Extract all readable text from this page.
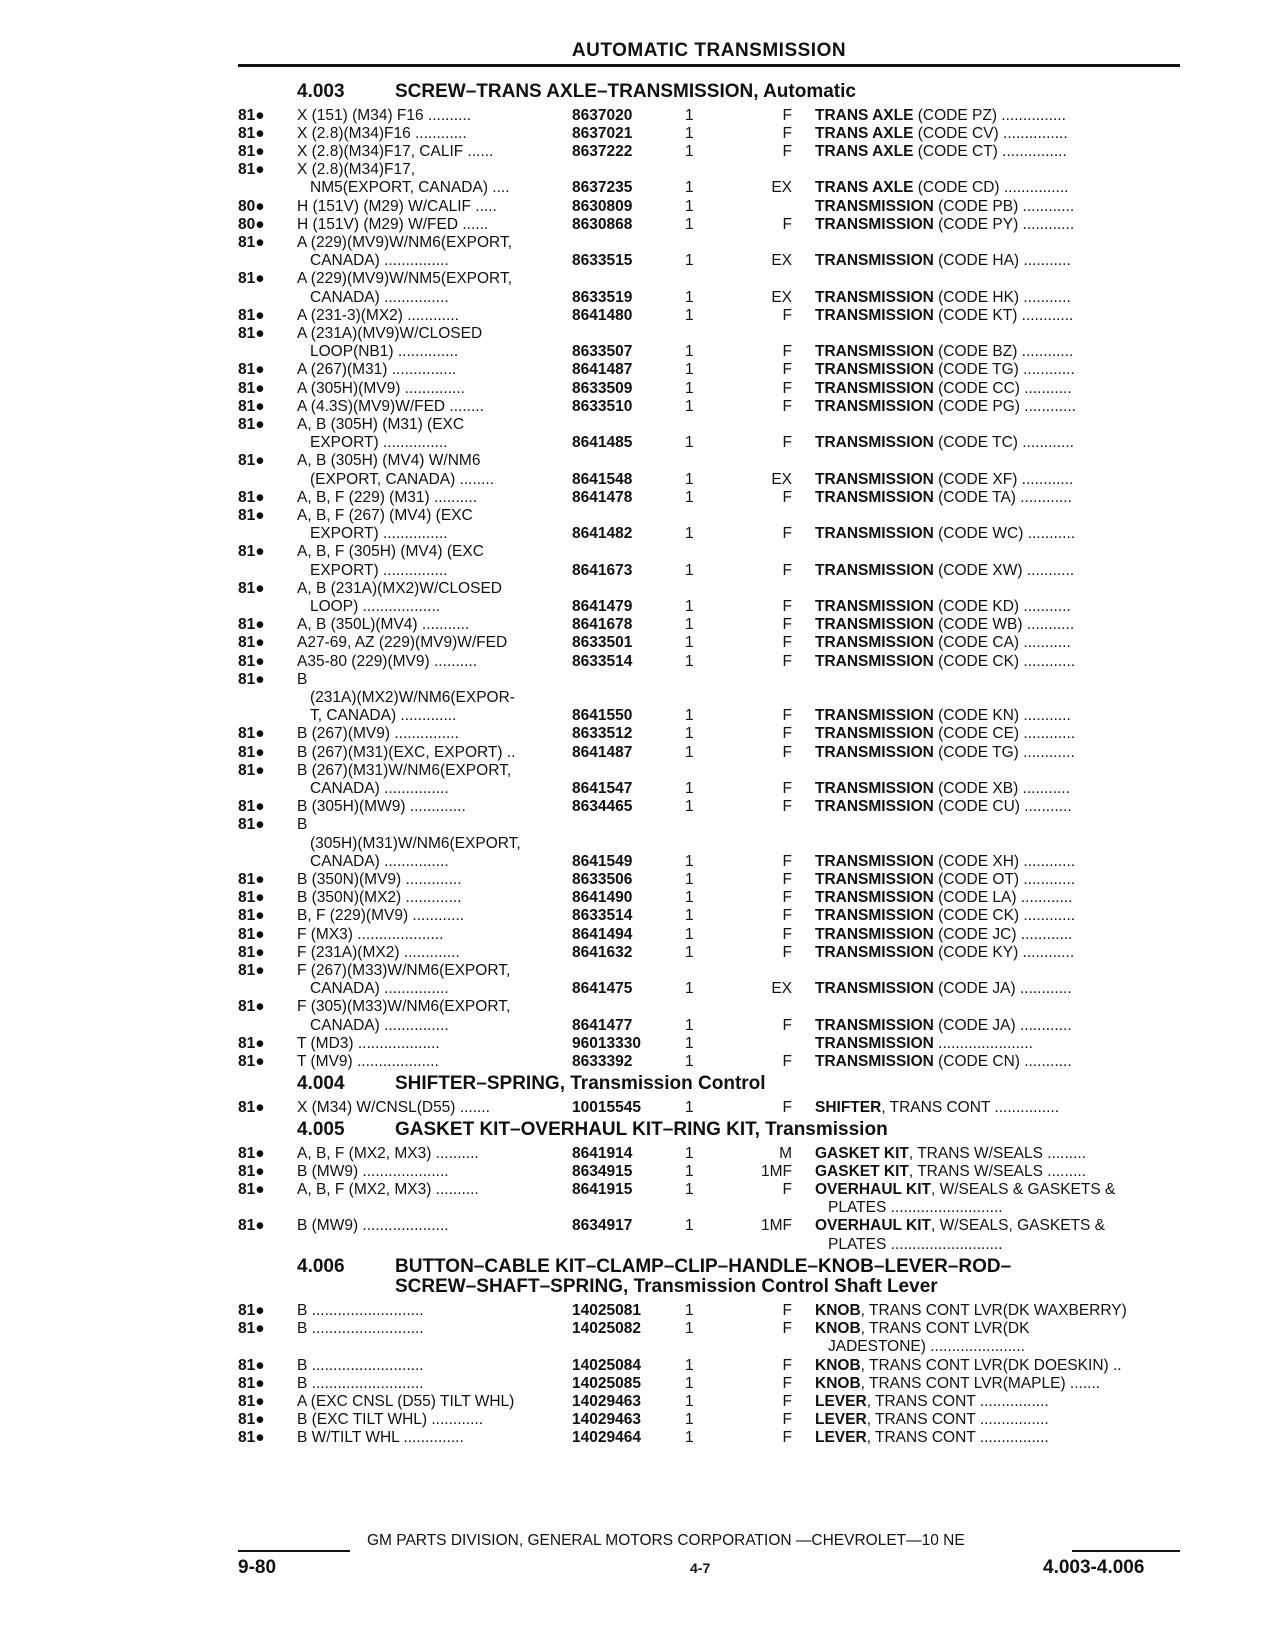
AUTOMATIC TRANSMISSION
4.003	SCREW–TRANS AXLE–TRANSMISSION, Automatic
81● X (151) (M34) F16 ..........	8637020	1	F TRANS AXLE (CODE PZ) ...............
81● X (2.8)(M34)F16 ............	8637021	1	F TRANS AXLE (CODE CV) ...............
81● X (2.8)(M34)F17, CALIF ......	8637222	1	F TRANS AXLE (CODE CT) ...............
81● X (2.8)(M34)F17,
NM5(EXPORT, CANADA) ....	8637235	1	EX TRANS AXLE (CODE CD) ...............
80● H (151V) (M29) W/CALIF .....	8630809	1	TRANSMISSION (CODE PB) ............
80● H (151V) (M29) W/FED ......	8630868	1	F TRANSMISSION (CODE PY) ............
81● A (229)(MV9)W/NM6(EXPORT,
CANADA) ...............	8633515	1	EX TRANSMISSION (CODE HA) ...........
81● A (229)(MV9)W/NM5(EXPORT,
CANADA) ...............	8633519	1	EX TRANSMISSION (CODE HK) ...........
81● A (231-3)(MX2) ............	8641480	1	F TRANSMISSION (CODE KT) ............
81● A (231A)(MV9)W/CLOSED
LOOP(NB1) ..............	8633507	1	F TRANSMISSION (CODE BZ) ............
81● A (267)(M31) ...............	8641487	1	F TRANSMISSION (CODE TG) ............
81● A (305H)(MV9) ..............	8633509	1	F TRANSMISSION (CODE CC) ...........
81● A (4.3S)(MV9)W/FED ........	8633510	1	F TRANSMISSION (CODE PG) ............
81● A, B (305H) (M31) (EXC
EXPORT) ...............	8641485	1	F TRANSMISSION (CODE TC) ............
81● A, B (305H) (MV4) W/NM6
(EXPORT, CANADA) ........	8641548	1	EX TRANSMISSION (CODE XF) ............
81● A, B, F (229) (M31) ..........	8641478	1	F TRANSMISSION (CODE TA) ............
81● A, B, F (267) (MV4) (EXC
EXPORT) ...............	8641482	1	F TRANSMISSION (CODE WC) ...........
81● A, B, F (305H) (MV4) (EXC
EXPORT) ...............	8641673	1	F TRANSMISSION (CODE XW) ...........
81● A, B (231A)(MX2)W/CLOSED
LOOP) ..................	8641479	1	F TRANSMISSION (CODE KD) ...........
81● A, B (350L)(MV4) ...........	8641678	1	F TRANSMISSION (CODE WB) ...........
81● A27-69, AZ (229)(MV9)W/FED	8633501	1	F TRANSMISSION (CODE CA) ...........
81● A35-80 (229)(MV9) ..........	8633514	1	F TRANSMISSION (CODE CK) ............
81● B
(231A)(MX2)W/NM6(EXPOR-
T, CANADA) .............	8641550	1	F TRANSMISSION (CODE KN) ...........
81● B (267)(MV9) ...............	8633512	1	F TRANSMISSION (CODE CE) ............
81● B (267)(M31)(EXC, EXPORT) ..	8641487	1	F TRANSMISSION (CODE TG) ............
81● B (267)(M31)W/NM6(EXPORT,
CANADA) ...............	8641547	1	F TRANSMISSION (CODE XB) ...........
81● B (305H)(MW9) .............	8634465	1	F TRANSMISSION (CODE CU) ...........
81● B
(305H)(M31)W/NM6(EXPORT,
CANADA) ...............	8641549	1	F TRANSMISSION (CODE XH) ............
81● B (350N)(MV9) .............	8633506	1	F TRANSMISSION (CODE OT) ............
81● B (350N)(MX2) .............	8641490	1	F TRANSMISSION (CODE LA) ............
81● B, F (229)(MV9) ............	8633514	1	F TRANSMISSION (CODE CK) ............
81● F (MX3) ....................	8641494	1	F TRANSMISSION (CODE JC) ............
81● F (231A)(MX2) .............	8641632	1	F TRANSMISSION (CODE KY) ............
81● F (267)(M33)W/NM6(EXPORT,
CANADA) ...............	8641475	1	EX TRANSMISSION (CODE JA) ............
81● F (305)(M33)W/NM6(EXPORT,
CANADA) ...............	8641477	1	F TRANSMISSION (CODE JA) ............
81● T (MD3) ...................	96013330	1	TRANSMISSION ......................
81● T (MV9) ...................	8633392	1	F TRANSMISSION (CODE CN) ...........
4.004	SHIFTER–SPRING, Transmission Control
81● X (M34) W/CNSL(D55) .......	10015545	1	F SHIFTER, TRANS CONT ...............
4.005	GASKET KIT–OVERHAUL KIT–RING KIT, Transmission
81● A, B, F (MX2, MX3) ..........	8641914	1	M GASKET KIT, TRANS W/SEALS .........
81● B (MW9) ....................	8634915	1	1MF GASKET KIT, TRANS W/SEALS .........
81● A, B, F (MX2, MX3) ..........	8641915	1	F OVERHAUL KIT, W/SEALS & GASKETS &
PLATES ..........................
81● B (MW9) ....................	8634917	1	1MF OVERHAUL KIT, W/SEALS, GASKETS &
PLATES ..........................
4.006	BUTTON–CABLE KIT–CLAMP–CLIP–HANDLE–KNOB–LEVER–ROD–
SCREW–SHAFT–SPRING, Transmission Control Shaft Lever
81● B ..........................	14025081	1	F KNOB, TRANS CONT LVR(DK WAXBERRY)
81● B ..........................	14025082	1	F KNOB, TRANS CONT LVR(DK
JADESTONE) ......................
81● B ..........................	14025084	1	F KNOB, TRANS CONT LVR(DK DOESKIN) ..
81● B ..........................	14025085	1	F KNOB, TRANS CONT LVR(MAPLE) .......
81● A (EXC CNSL (D55) TILT WHL)	14029463	1	F LEVER, TRANS CONT ................
81● B (EXC TILT WHL) ............	14029463	1	F LEVER, TRANS CONT ................
81● B W/TILT WHL ..............	14029464	1	F LEVER, TRANS CONT ................
GM PARTS DIVISION, GENERAL MOTORS CORPORATION —CHEVROLET—10 NE
9-80	4-7	4.003-4.006
